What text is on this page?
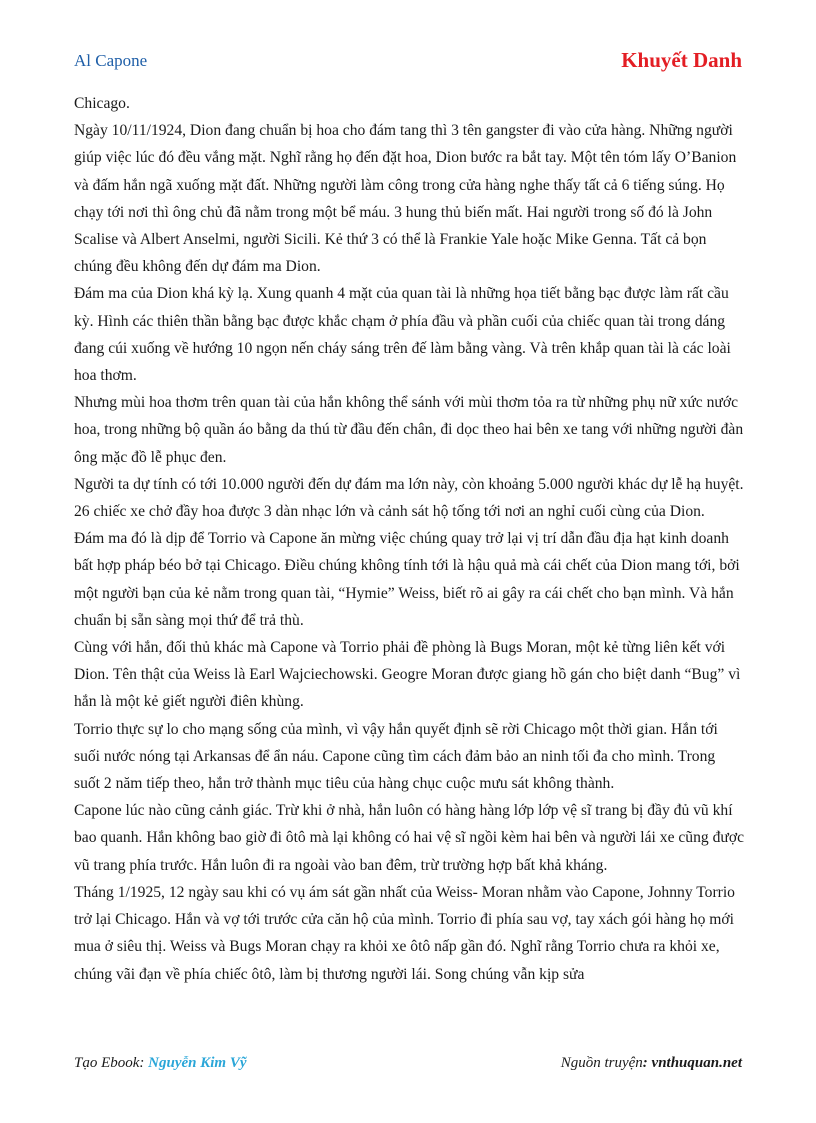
Al Capone	Khuyết Danh

Chicago.

Ngày 10/11/1924, Dion đang chuẩn bị hoa cho đám tang thì 3 tên gangster đi vào cửa hàng. Những người giúp việc lúc đó đều vắng mặt. Nghĩ rằng họ đến đặt hoa, Dion bước ra bắt tay. Một tên tóm lấy O’Banion và đấm hắn ngã xuống mặt đất. Những người làm công trong cửa hàng nghe thấy tất cả 6 tiếng súng. Họ chạy tới nơi thì ông chủ đã nằm trong một bể máu. 3 hung thủ biến mất. Hai người trong số đó là John Scalise và Albert Anselmi, người Sicili. Kẻ thứ 3 có thể là Frankie Yale hoặc Mike Genna. Tất cả bọn chúng đều không đến dự đám ma Dion.

Đám ma của Dion khá kỳ lạ. Xung quanh 4 mặt của quan tài là những họa tiết bằng bạc được làm rất cầu kỳ. Hình các thiên thần bằng bạc được khắc chạm ở phía đầu và phần cuối của chiếc quan tài trong dáng đang cúi xuống về hướng 10 ngọn nến cháy sáng trên đế làm bằng vàng. Và trên khắp quan tài là các loài hoa thơm.

Nhưng mùi hoa thơm trên quan tài của hắn không thể sánh với mùi thơm tỏa ra từ những phụ nữ xức nước hoa, trong những bộ quần áo bằng da thú từ đầu đến chân, đi dọc theo hai bên xe tang với những người đàn ông mặc đồ lễ phục đen.

Người ta dự tính có tới 10.000 người đến dự đám ma lớn này, còn khoảng 5.000 người khác dự lễ hạ huyệt. 26 chiếc xe chở đầy hoa được 3 dàn nhạc lớn và cảnh sát hộ tống tới nơi an nghỉ cuối cùng của Dion.

Đám ma đó là dịp để Torrio và Capone ăn mừng việc chúng quay trở lại vị trí dẫn đầu địa hạt kinh doanh bất hợp pháp béo bở tại Chicago. Điều chúng không tính tới là hậu quả mà cái chết của Dion mang tới, bởi một người bạn của kẻ nằm trong quan tài, “Hymie” Weiss, biết rõ ai gây ra cái chết cho bạn mình. Và hắn chuẩn bị sẵn sàng mọi thứ để trả thù.

Cùng với hắn, đối thủ khác mà Capone và Torrio phải đề phòng là Bugs Moran, một kẻ từng liên kết với Dion. Tên thật của Weiss là Earl Wajciechowski. Geogre Moran được giang hồ gán cho biệt danh “Bug” vì hắn là một kẻ giết người điên khùng.

Torrio thực sự lo cho mạng sống của mình, vì vậy hắn quyết định sẽ rời Chicago một thời gian. Hắn tới suối nước nóng tại Arkansas để ẩn náu. Capone cũng tìm cách đảm bảo an ninh tối đa cho mình. Trong suốt 2 năm tiếp theo, hắn trở thành mục tiêu của hàng chục cuộc mưu sát không thành.

Capone lúc nào cũng cảnh giác. Trừ khi ở nhà, hắn luôn có hàng hàng lớp lớp vệ sĩ trang bị đầy đủ vũ khí bao quanh. Hắn không bao giờ đi ôtô mà lại không có hai vệ sĩ ngồi kèm hai bên và người lái xe cũng được vũ trang phía trước. Hắn luôn đi ra ngoài vào ban đêm, trừ trường hợp bất khả kháng.

Tháng 1/1925, 12 ngày sau khi có vụ ám sát gần nhất của Weiss- Moran nhằm vào Capone, Johnny Torrio trở lại Chicago. Hắn và vợ tới trước cửa căn hộ của mình. Torrio đi phía sau vợ, tay xách gói hàng họ mới mua ở siêu thị. Weiss và Bugs Moran chạy ra khỏi xe ôtô nấp gần đó. Nghĩ rằng Torrio chưa ra khỏi xe, chúng vãi đạn về phía chiếc ôtô, làm bị thương người lái. Song chúng vẫn kịp sửa

Tạo Ebook: Nguyễn Kim Vỹ	Nguồn truyện: vnthuquan.net
